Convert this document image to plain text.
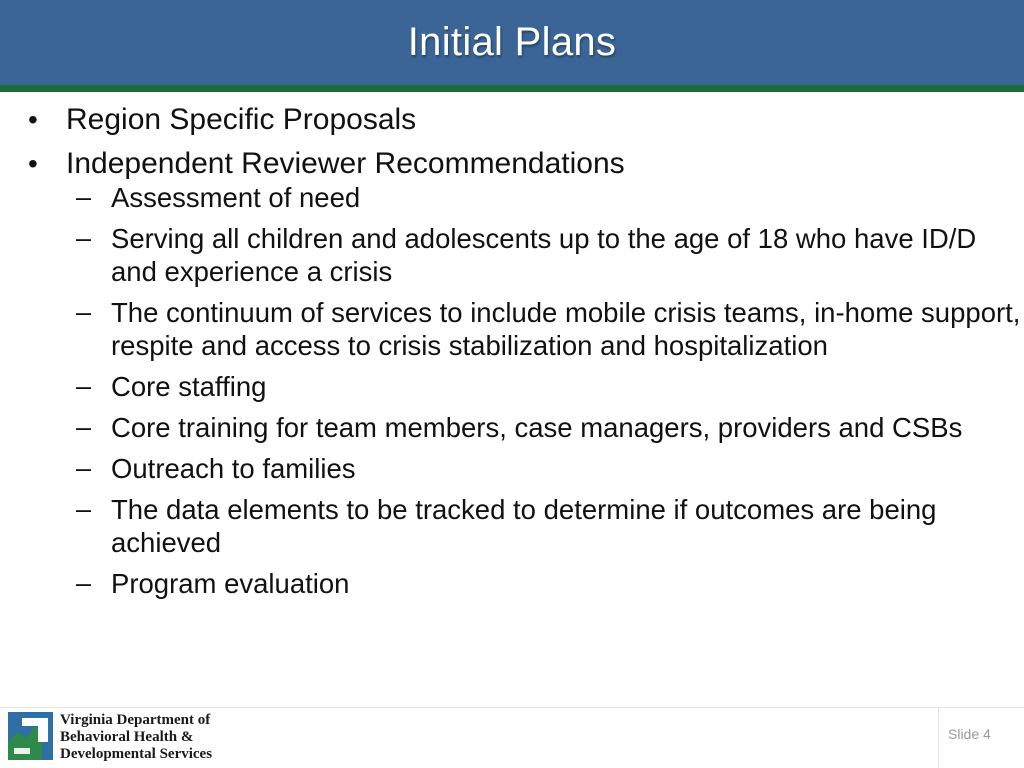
Initial Plans
• Region Specific Proposals
• Independent Reviewer Recommendations
– Assessment of need
– Serving all children and adolescents up to the age of 18 who have ID/D and experience a crisis
– The continuum of services to include mobile crisis teams, in-home support, respite and access to crisis stabilization and hospitalization
– Core staffing
– Core training for team members, case managers, providers and CSBs
– Outreach to families
– The data elements to be tracked to determine if outcomes are being achieved
– Program evaluation
Virginia Department of
Behavioral Health &
Developmental Services
Slide 4
